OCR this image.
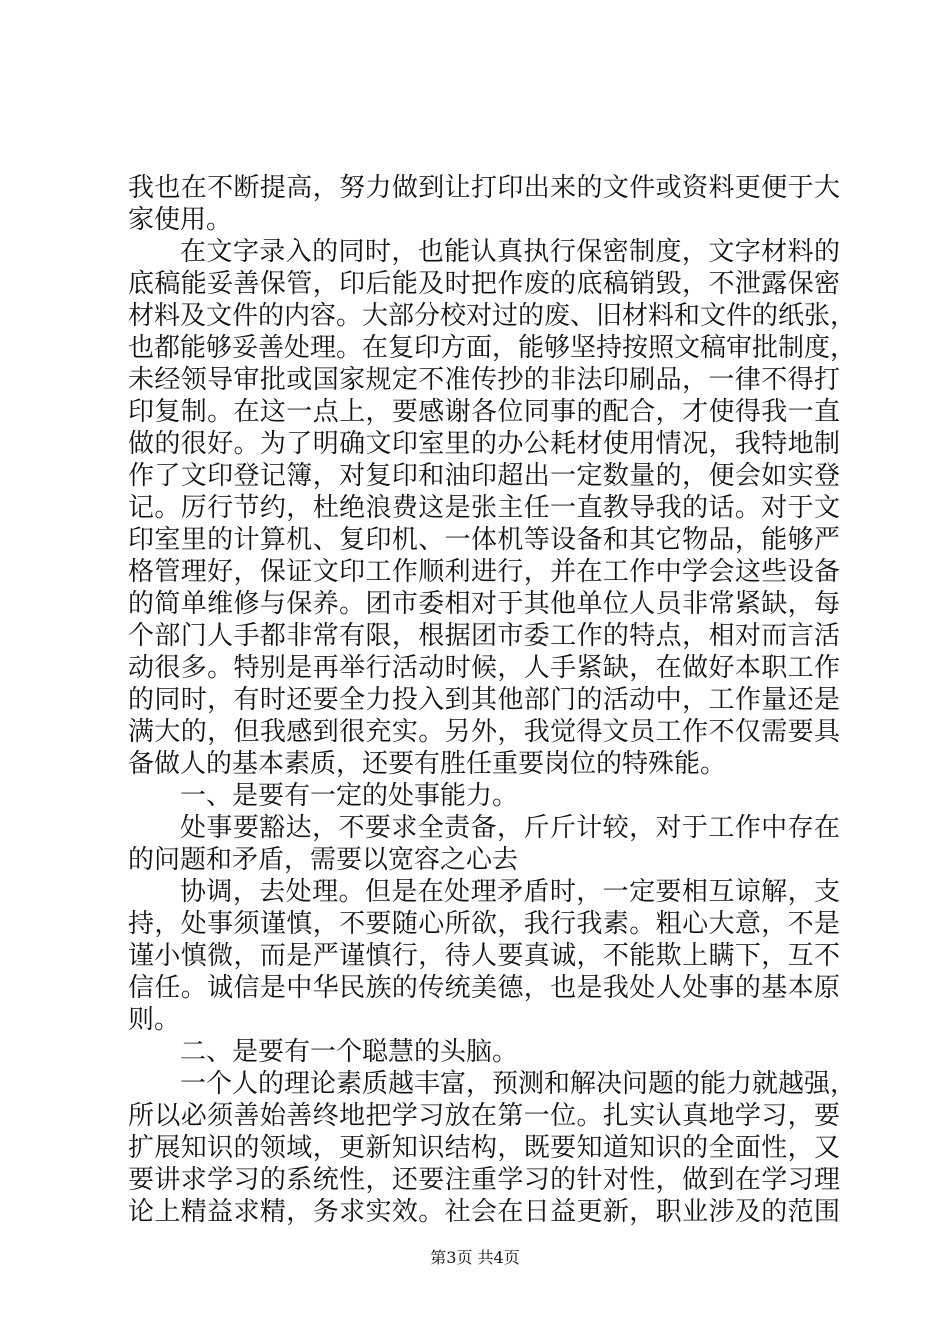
我也在不断提高，努力做到让打印出来的文件或资料更便于大
家使用。
在文字录入的同时，也能认真执行保密制度，文字材料的
底稿能妥善保管，印后能及时把作废的底稿销毁，不泄露保密
材料及文件的内容。大部分校对过的废、旧材料和文件的纸张，
也都能够妥善处理。在复印方面，能够坚持按照文稿审批制度，
未经领导审批或国家规定不准传抄的非法印刷品，一律不得打
印复制。在这一点上，要感谢各位同事的配合，才使得我一直
做的很好。为了明确文印室里的办公耗材使用情况，我特地制
作了文印登记簿，对复印和油印超出一定数量的，便会如实登
记。厉行节约，杜绝浪费这是张主任一直教导我的话。对于文
印室里的计算机、复印机、一体机等设备和其它物品，能够严
格管理好，保证文印工作顺利进行，并在工作中学会这些设备
的简单维修与保养。团市委相对于其他单位人员非常紧缺，每
个部门人手都非常有限，根据团市委工作的特点，相对而言活
动很多。特别是再举行活动时候，人手紧缺，在做好本职工作
的同时，有时还要全力投入到其他部门的活动中，工作量还是
满大的，但我感到很充实。另外，我觉得文员工作不仅需要具
备做人的基本素质，还要有胜任重要岗位的特殊能。
一、是要有一定的处事能力。
处事要豁达，不要求全责备，斤斤计较，对于工作中存在
的问题和矛盾，需要以宽容之心去
协调，去处理。但是在处理矛盾时，一定要相互谅解，支
持，处事须谨慎，不要随心所欲，我行我素。粗心大意，不是
谨小慎微，而是严谨慎行，待人要真诚，不能欺上瞒下，互不
信任。诚信是中华民族的传统美德，也是我处人处事的基本原
则。
二、是要有一个聪慧的头脑。
一个人的理论素质越丰富，预测和解决问题的能力就越强，
所以必须善始善终地把学习放在第一位。扎实认真地学习，要
扩展知识的领域，更新知识结构，既要知道知识的全面性，又
要讲求学习的系统性，还要注重学习的针对性，做到在学习理
论上精益求精，务求实效。社会在日益更新，职业涉及的范围
第3页 共4页
